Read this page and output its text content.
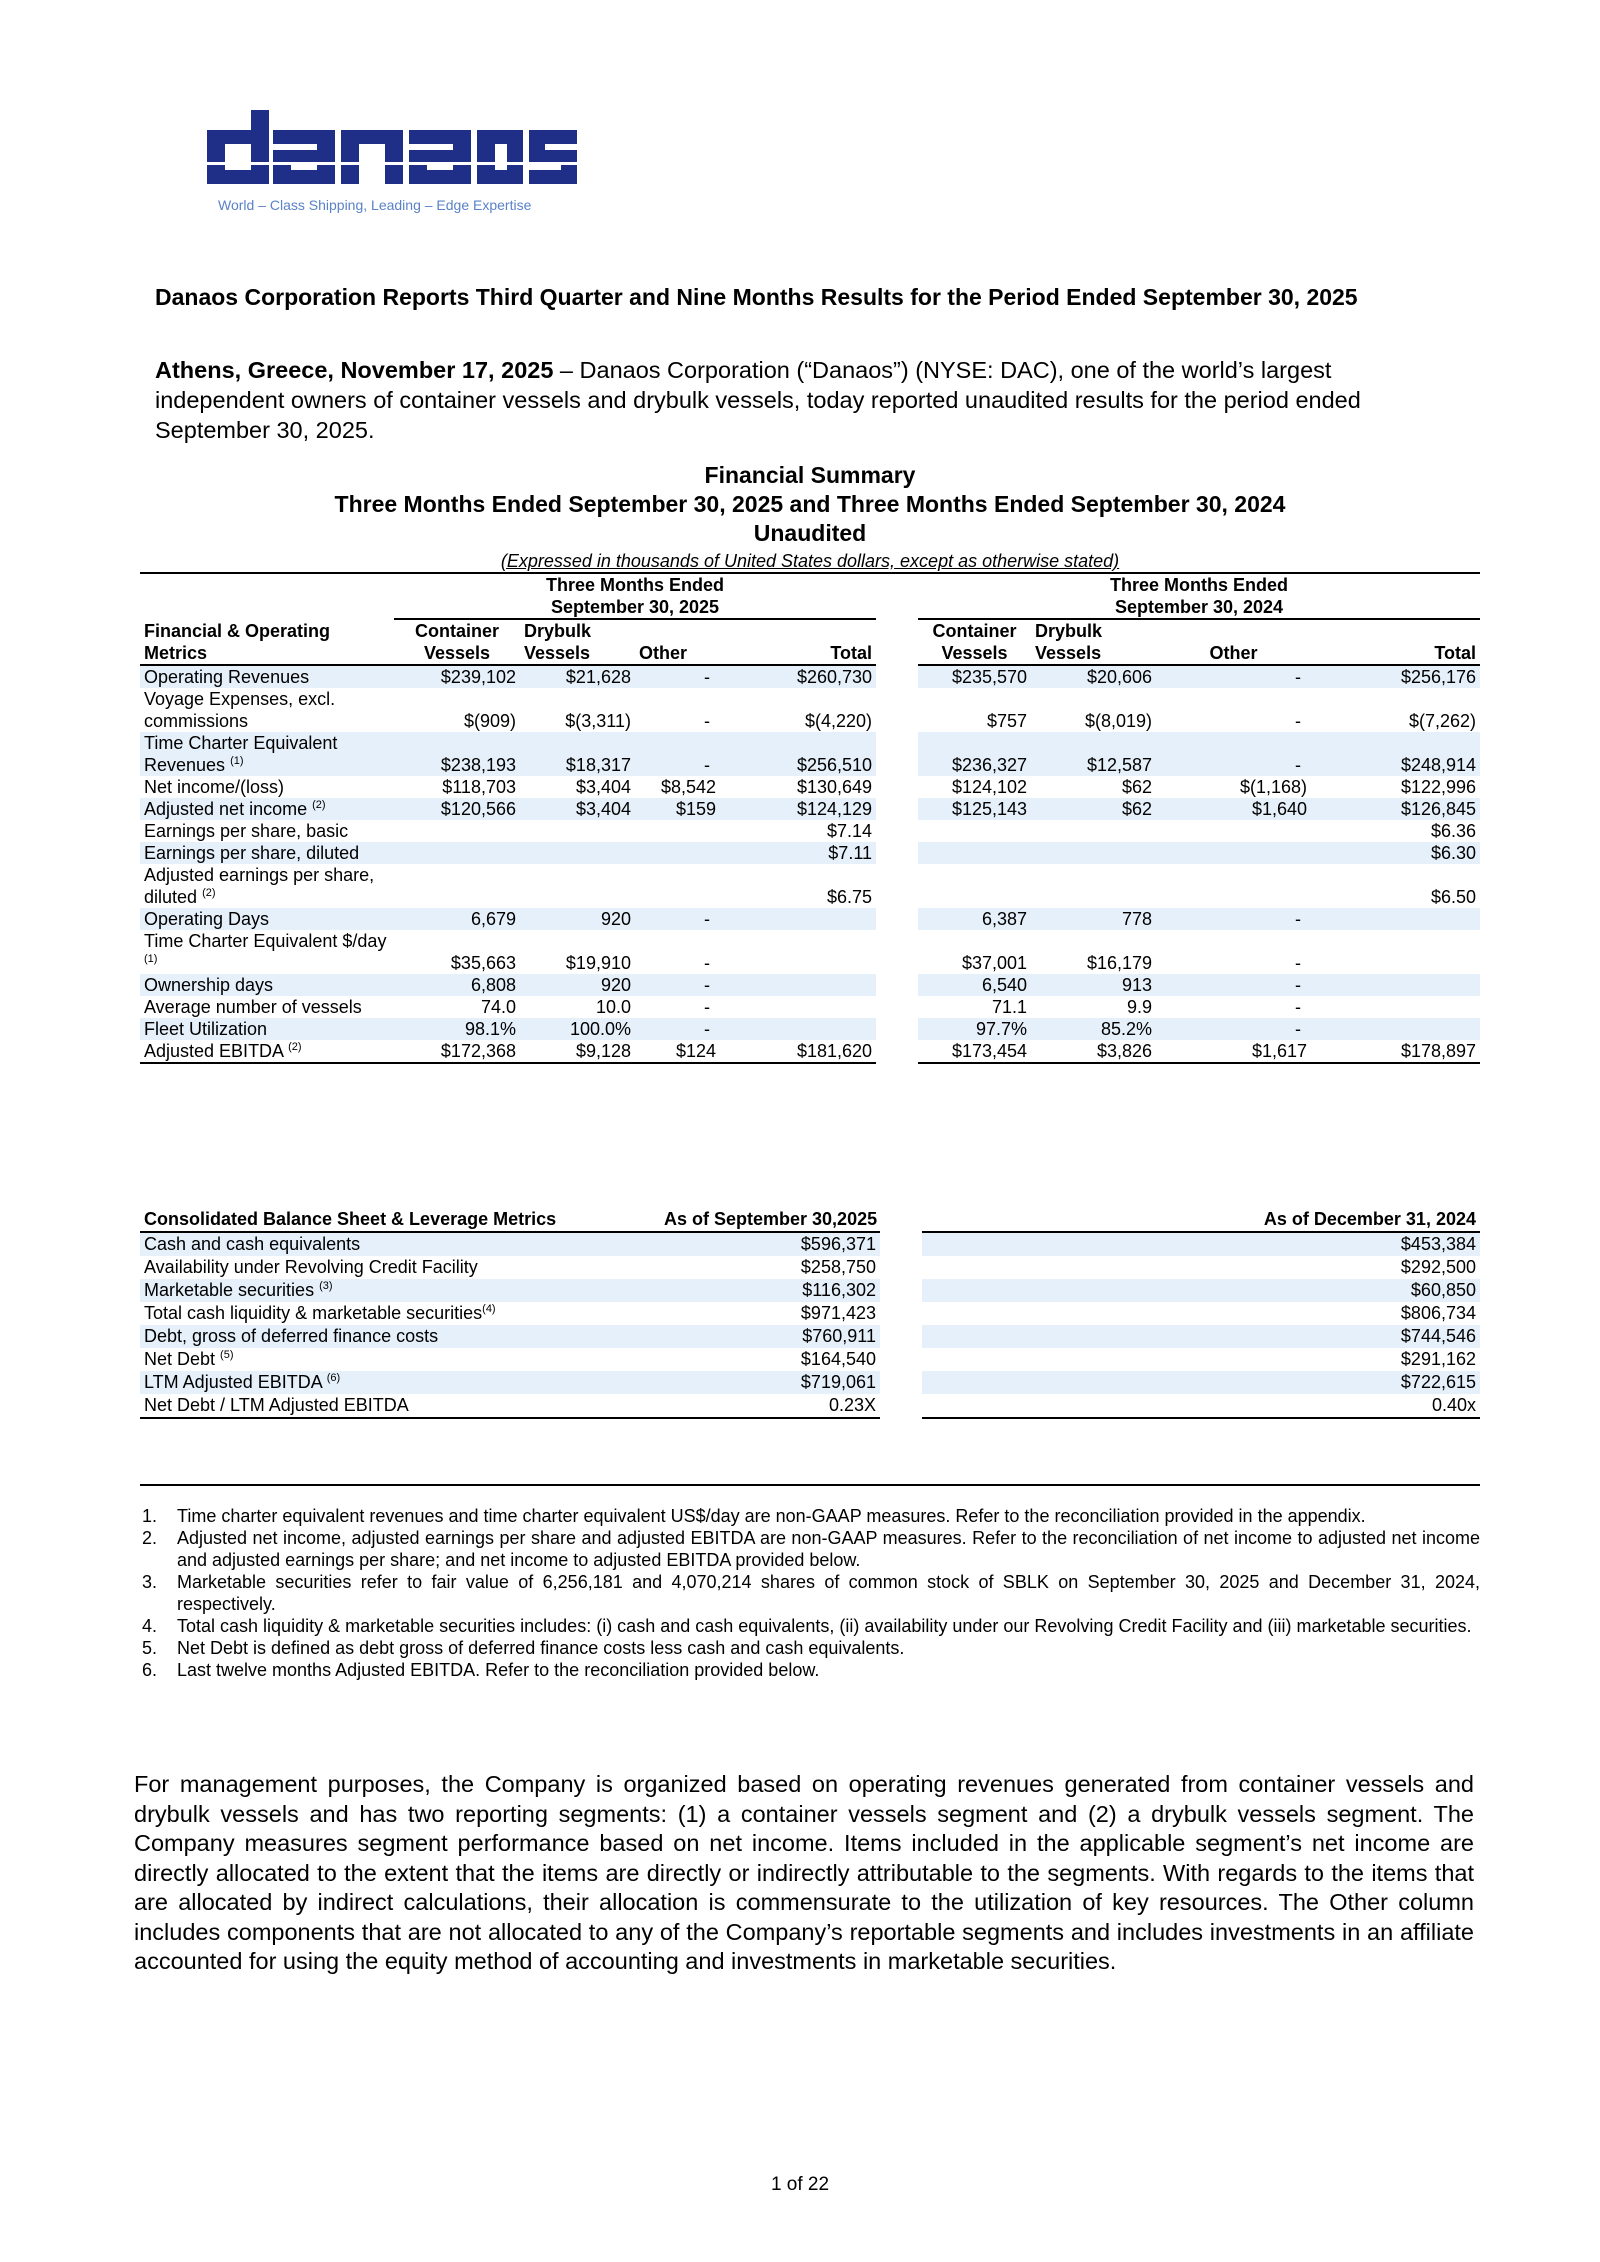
World – Class Shipping, Leading – Edge Expertise
Danaos Corporation Reports Third Quarter and Nine Months Results for the Period Ended September 30, 2025
Athens, Greece, November 17, 2025 – Danaos Corporation (“Danaos”) (NYSE: DAC), one of the world’s largest independent owners of container vessels and drybulk vessels, today reported unaudited results for the period ended September 30, 2025.
Financial Summary
Three Months Ended September 30, 2025 and Three Months Ended September 30, 2024
Unaudited
(Expressed in thousands of United States dollars, except as otherwise stated)
	Three Months Ended					Three Months Ended			
	September 30, 2025					September 30, 2024			
Financial & Operating Metrics	Container Vessels	Drybulk Vessels	Other	Total		Container Vessels	Drybulk Vessels	Other	Total
Operating Revenues	$239,102	$21,628	-	$260,730		$235,570	$20,606	-	$256,176
Voyage Expenses, excl. commissions	$(909)	$(3,311)	-	$(4,220)		$757	$(8,019)	-	$(7,262)
Time Charter Equivalent Revenues $^{(1)}$	$238,193	$18,317	-	$256,510		$236,327	$12,587	-	$248,914
Net income/(loss)	$118,703	$3,404	$8,542	$130,649		$124,102	$62	$(1,168)	$122,996
Adjusted net income $^{(2)}$	$120,566	$3,404	$159	$124,129		$125,143	$62	$1,640	$126,845
Earnings per share, basic				$7.14					$6.36
Earnings per share, diluted				$7.11					$6.30
Adjusted earnings per share, diluted $^{(2)}$				$6.75					$6.50
Operating Days	6,679	920	-			6,387	778	-	
Time Charter Equivalent $/day $^{(1)}$	$35,663	$19,910	-			$37,001	$16,179	-	
Ownership days	6,808	920	-			6,540	913	-	
Average number of vessels	74.0	10.0	-			71.1	9.9	-	
Fleet Utilization	98.1%	100.0%	-			97.7%	85.2%	-	
Adjusted EBITDA $^{(2)}$	$172,368	$9,128	$124	$181,620		$173,454	$3,826	$1,617	$178,897
Consolidated Balance Sheet & Leverage Metrics	As of September 30,2025		As of December 31, 2024
Cash and cash equivalents	$596,371		$453,384
Availability under Revolving Credit Facility	$258,750		$292,500
Marketable securities $^{(3)}$	$116,302		$60,850
Total cash liquidity & marketable securities$^{(4)}$	$971,423		$806,734
Debt, gross of deferred finance costs	$760,911		$744,546
Net Debt $^{(5)}$	$164,540		$291,162
LTM Adjusted EBITDA $^{(6)}$	$719,061		$722,615
Net Debt / LTM Adjusted EBITDA	0.23X		0.40x
1. Time charter equivalent revenues and time charter equivalent US$/day are non-GAAP measures. Refer to the reconciliation provided in the appendix.
2. Adjusted net income, adjusted earnings per share and adjusted EBITDA are non-GAAP measures. Refer to the reconciliation of net income to adjusted net income and adjusted earnings per share; and net income to adjusted EBITDA provided below.
3. Marketable securities refer to fair value of 6,256,181 and 4,070,214 shares of common stock of SBLK on September 30, 2025 and December 31, 2024, respectively.
4. Total cash liquidity & marketable securities includes: (i) cash and cash equivalents, (ii) availability under our Revolving Credit Facility and (iii) marketable securities.
5. Net Debt is defined as debt gross of deferred finance costs less cash and cash equivalents.
6. Last twelve months Adjusted EBITDA. Refer to the reconciliation provided below.
For management purposes, the Company is organized based on operating revenues generated from container vessels and drybulk vessels and has two reporting segments: (1) a container vessels segment and (2) a drybulk vessels segment. The Company measures segment performance based on net income. Items included in the applicable segment’s net income are directly allocated to the extent that the items are directly or indirectly attributable to the segments. With regards to the items that are allocated by indirect calculations, their allocation is commensurate to the utilization of key resources. The Other column includes components that are not allocated to any of the Company’s reportable segments and includes investments in an affiliate accounted for using the equity method of accounting and investments in marketable securities.
1 of 22
